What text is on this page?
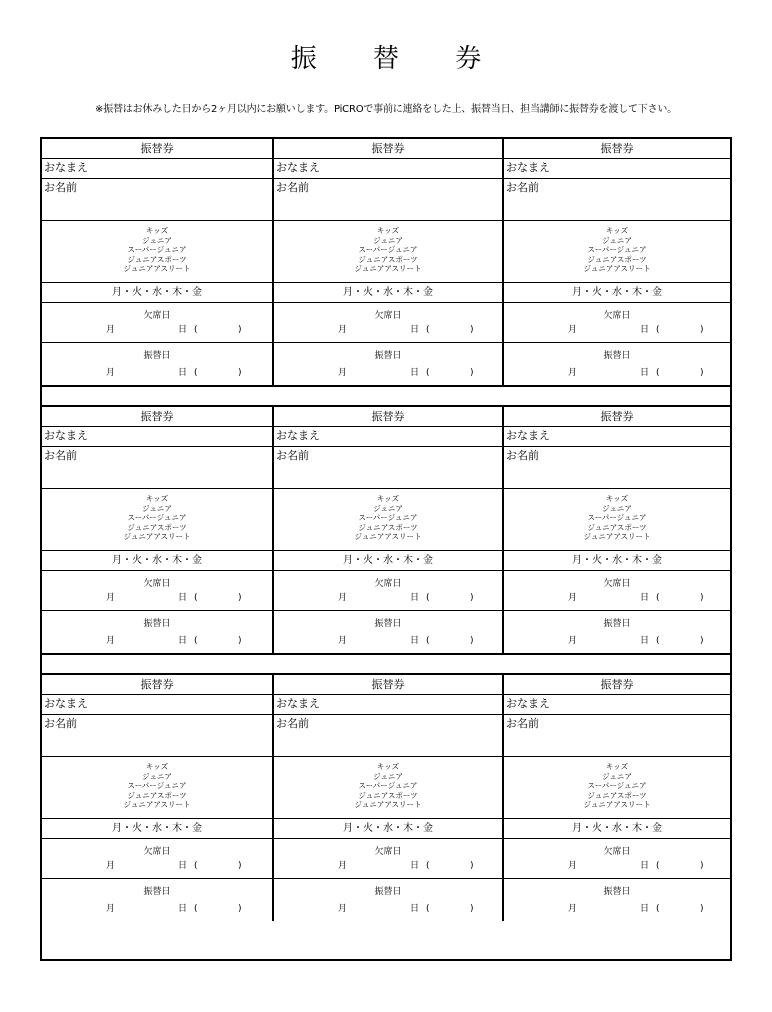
振 替 券
※振替はお休みした日から2ヶ月以内にお願いします。PiCROで事前に連絡をした上、振替当日、担当講師に振替券を渡して下さい。
振替券
おなまえ
お名前
キッズ
ジュニア
スーパージュニア
ジュニアスポーツ
ジュニアアスリート
月・火・水・木・金
欠席日
月	日 (	)
振替日
月	日 (	)
振替券
おなまえ
お名前
キッズ
ジュニア
スーパージュニア
ジュニアスポーツ
ジュニアアスリート
月・火・水・木・金
欠席日
月	日 (	)
振替日
月	日 (	)
振替券
おなまえ
お名前
キッズ
ジュニア
スーパージュニア
ジュニアスポーツ
ジュニアアスリート
月・火・水・木・金
欠席日
月	日 (	)
振替日
月	日 (	)
振替券
おなまえ
お名前
キッズ
ジュニア
スーパージュニア
ジュニアスポーツ
ジュニアアスリート
月・火・水・木・金
欠席日
月	日 (	)
振替日
月	日 (	)
振替券
おなまえ
お名前
キッズ
ジュニア
スーパージュニア
ジュニアスポーツ
ジュニアアスリート
月・火・水・木・金
欠席日
月	日 (	)
振替日
月	日 (	)
振替券
おなまえ
お名前
キッズ
ジュニア
スーパージュニア
ジュニアスポーツ
ジュニアアスリート
月・火・水・木・金
欠席日
月	日 (	)
振替日
月	日 (	)
振替券
おなまえ
お名前
キッズ
ジュニア
スーパージュニア
ジュニアスポーツ
ジュニアアスリート
月・火・水・木・金
欠席日
月	日 (	)
振替日
月	日 (	)
振替券
おなまえ
お名前
キッズ
ジュニア
スーパージュニア
ジュニアスポーツ
ジュニアアスリート
月・火・水・木・金
欠席日
月	日 (	)
振替日
月	日 (	)
振替券
おなまえ
お名前
キッズ
ジュニア
スーパージュニア
ジュニアスポーツ
ジュニアアスリート
月・火・水・木・金
欠席日
月	日 (	)
振替日
月	日 (	)
